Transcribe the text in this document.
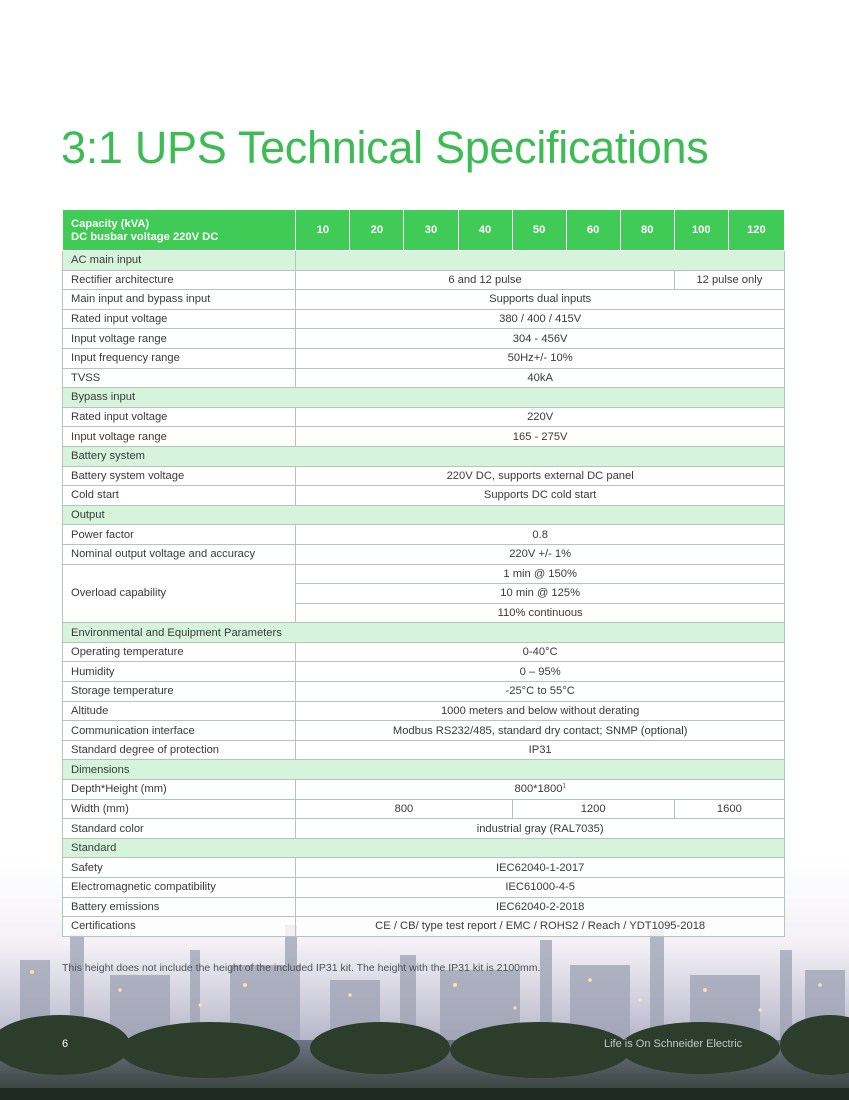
3:1 UPS Technical Specifications
Capacity (kVA)
DC busbar voltage 220V DC	10	20	30	40	50	60	80	100	120
AC main input									
Rectifier architecture	6 and 12 pulse							12 pulse only	
Main input and bypass input	Supports dual inputs								
Rated input voltage	380 / 400 / 415V								
Input voltage range	304 - 456V								
Input frequency range	50Hz+/- 10%								
TVSS	40kA								
Bypass input									
Rated input voltage	220V								
Input voltage range	165 - 275V								
Battery system									
Battery system voltage	220V DC, supports external DC panel								
Cold start	Supports DC cold start								
Output									
Power factor	0.8								
Nominal output voltage and accuracy	220V +/- 1%								
Overload capability	1 min @ 150%								
	10 min @ 125%								
	110% continuous								
Environmental and Equipment Parameters									
Operating temperature	0-40°C								
Humidity	0 – 95%								
Storage temperature	-25°C to 55°C								
Altitude	1000 meters and below without derating								
Communication interface	Modbus RS232/485, standard dry contact; SNMP (optional)								
Standard degree of protection	IP31								
Dimensions									
Depth*Height (mm)	800*1800$^1$
Width (mm)	800				1200			1600	
Standard color	industrial gray (RAL7035)								
Standard									
Safety	IEC62040-1-2017								
Electromagnetic compatibility	IEC61000-4-5								
Battery emissions	IEC62040-2-2018								
Certifications	CE / CB/ type test report / EMC / ROHS2 / Reach / YDT1095-2018								
This height does not include the height of the included IP31 kit. The height with the IP31 kit is 2100mm.
6	Life is On Schneider Electric
